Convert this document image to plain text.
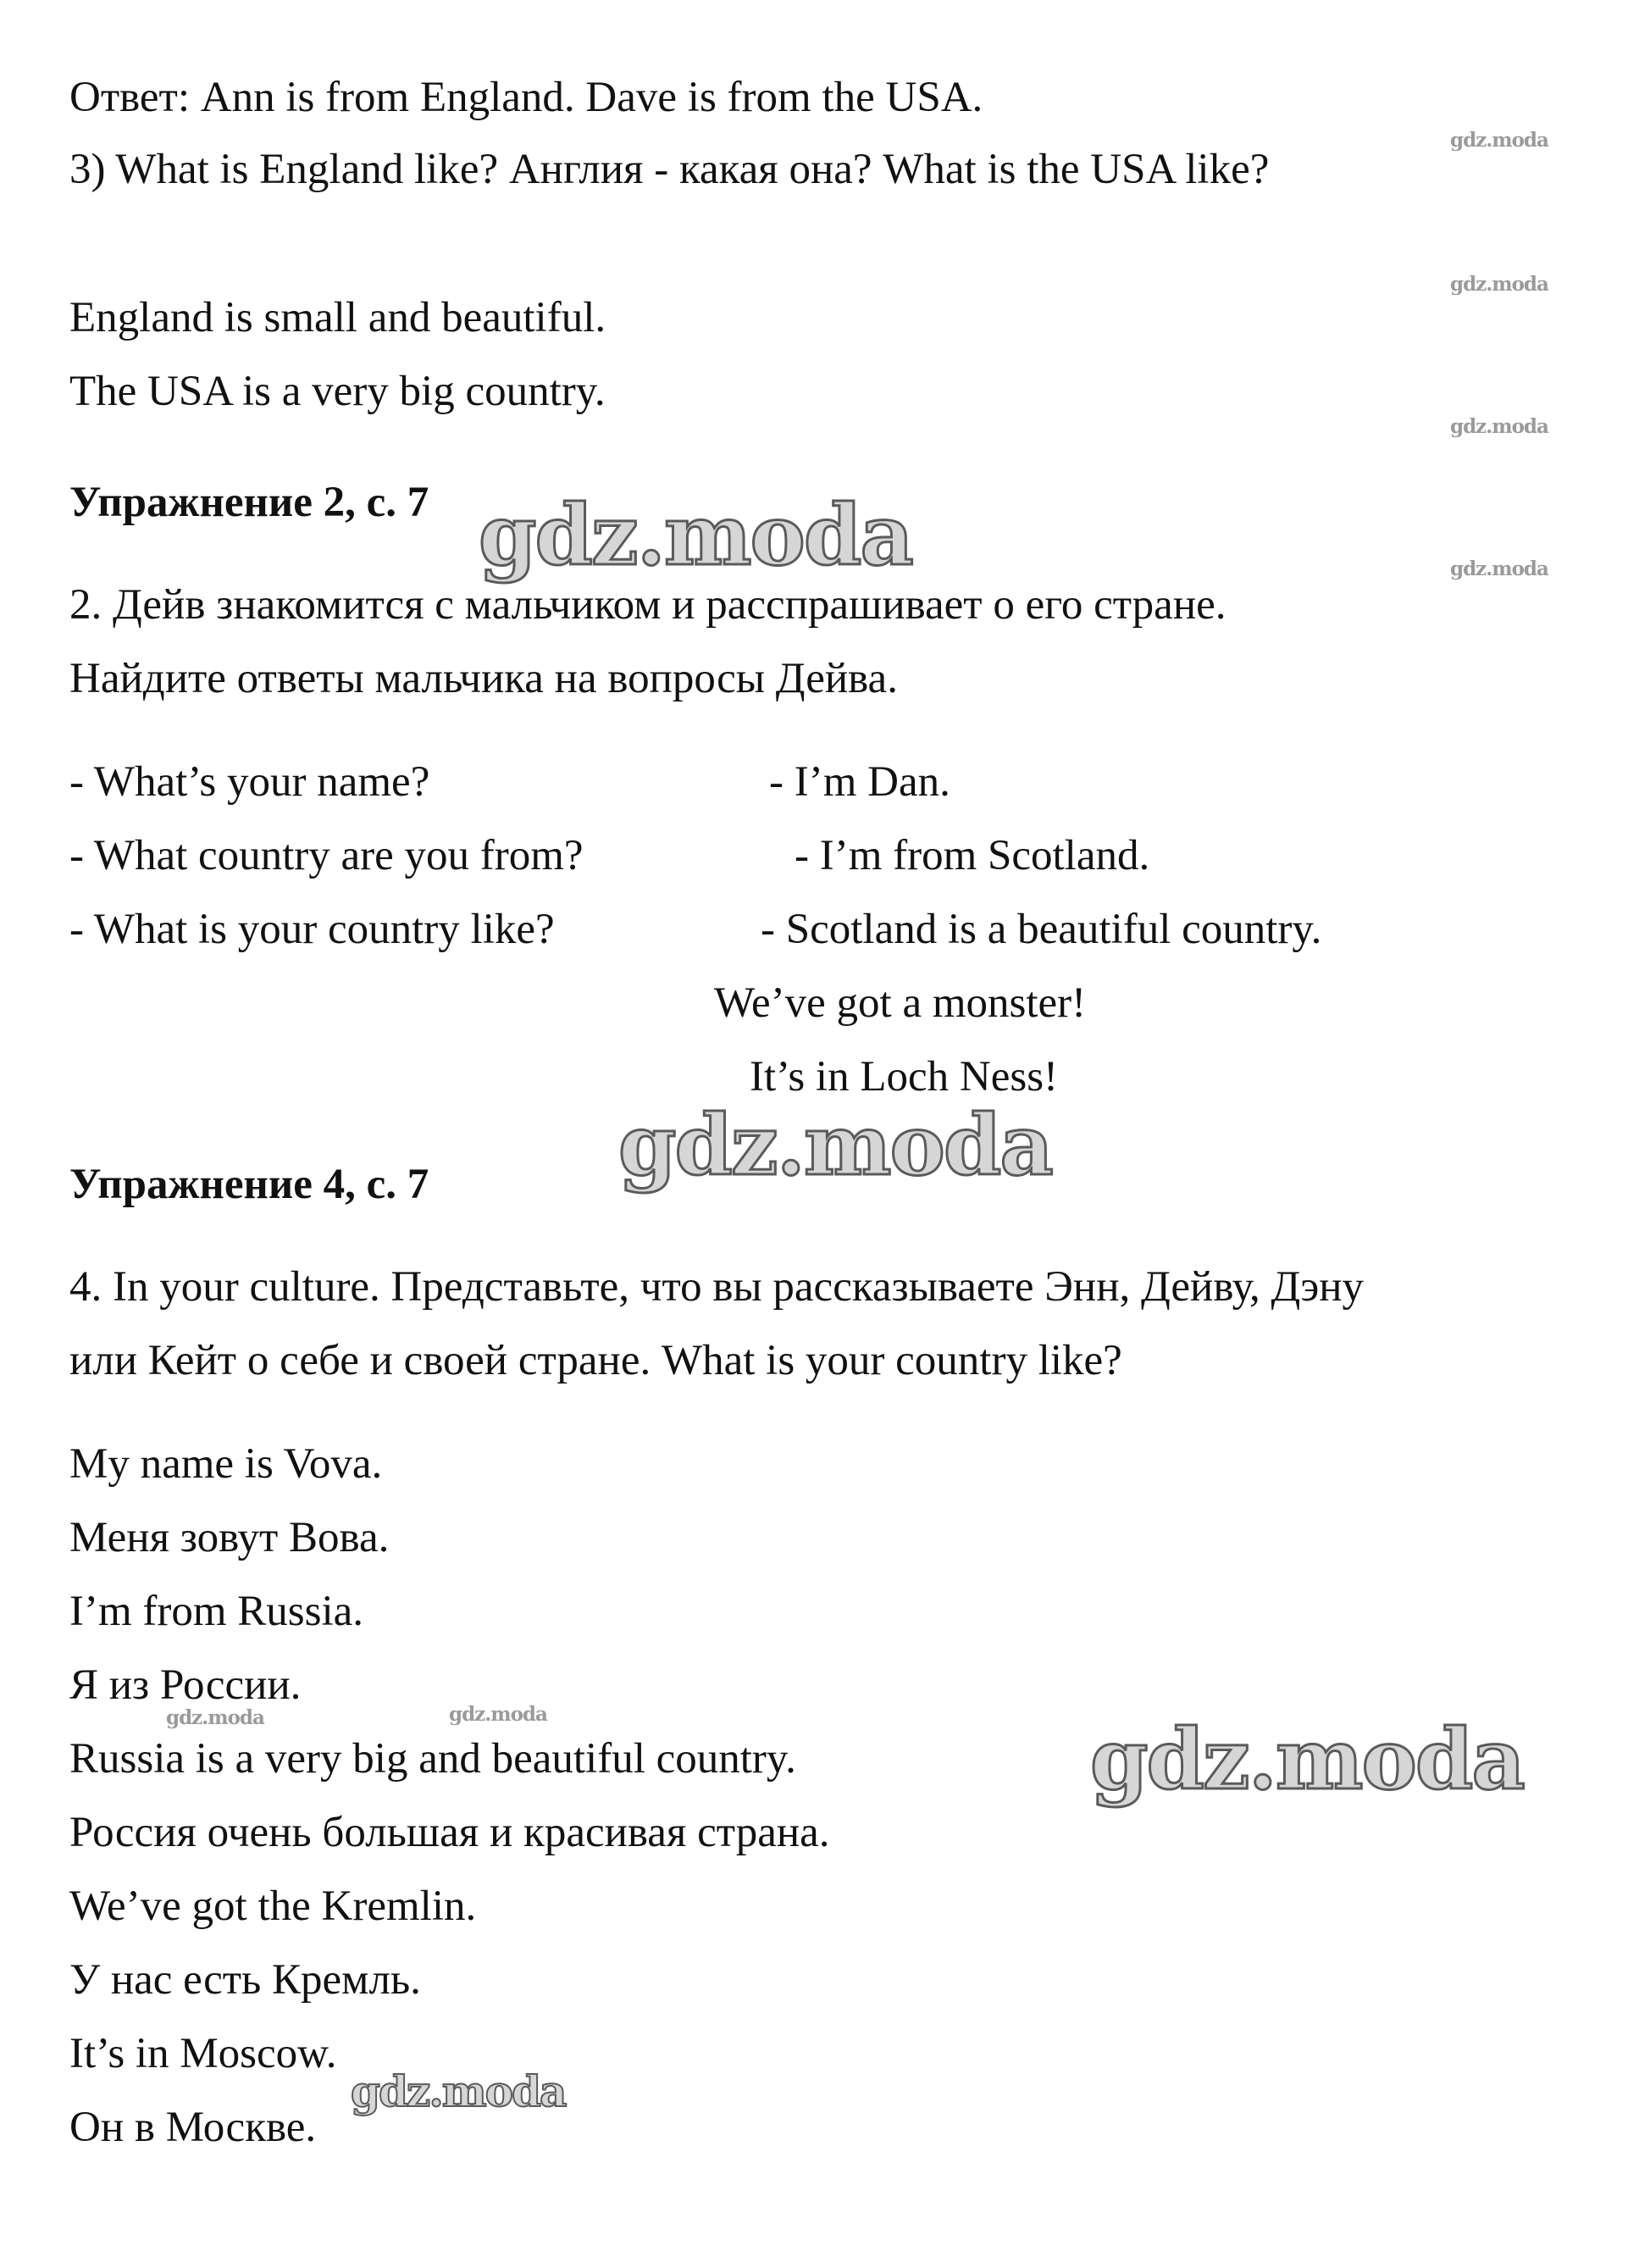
Ответ: Ann is from England. Dave is from the USA.

3) What is England like? Англия - какая она? What is the USA like?

England is small and beautiful.

The USA is a very big country.

Упражнение 2, с. 7

2. Дейв знакомится с мальчиком и расспрашивает о его стране.

Найдите ответы мальчика на вопросы Дейва.

- What’s your name?	- I’m Dan.

- What country are you from?	- I’m from Scotland.

- What is your country like?	- Scotland is a beautiful country.

We’ve got a monster!

It’s in Loch Ness!

Упражнение 4, с. 7

4. In your culture. Представьте, что вы рассказываете Энн, Дейву, Дэну

или Кейт о себе и своей стране. What is your country like?

My name is Vova.

Меня зовут Вова.

I’m from Russia.

Я из России.

Russia is a very big and beautiful country.

Россия очень большая и красивая страна.

We’ve got the Kremlin.

У нас есть Кремль.

It’s in Moscow.

Он в Москве.

gdz.moda
gdz.moda
gdz.moda
gdz.moda
gdz.moda	gdz.moda
gdz.moda
gdz.moda
gdz.moda
gdz.moda
